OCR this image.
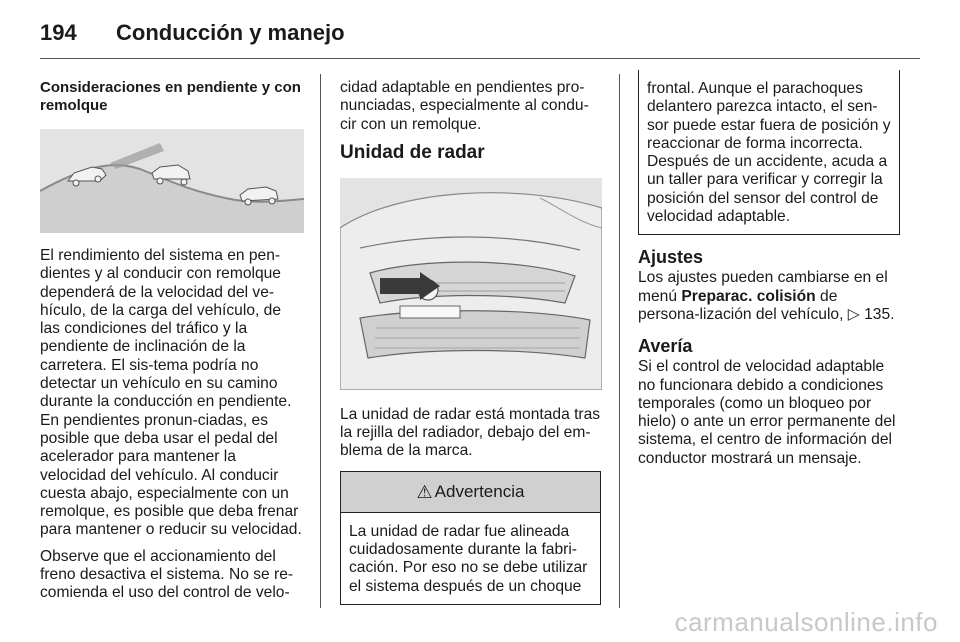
194 Conducción y manejo
Consideraciones en pendiente y con remolque

El rendimiento del sistema en pen-dientes y al conducir con remolque dependerá de la velocidad del ve-hículo, de la carga del vehículo, de las condiciones del tráfico y la pendiente de inclinación de la carretera. El sis-tema podría no detectar un vehículo en su camino durante la conducción en pendiente. En pendientes pronun-ciadas, es posible que deba usar el pedal del acelerador para mantener la velocidad del vehículo. Al conducir cuesta abajo, especialmente con un remolque, es posible que deba frenar para mantener o reducir su velocidad.

Observe que el accionamiento del freno desactiva el sistema. No se re-comienda el uso del control de velo-

cidad adaptable en pendientes pro-nunciadas, especialmente al condu-cir con un remolque.

Unidad de radar

La unidad de radar está montada tras la rejilla del radiador, debajo del em-blema de la marca.

⚠ Advertencia
La unidad de radar fue alineada cuidadosamente durante la fabri-cación. Por eso no se debe utilizar el sistema después de un choque
frontal. Aunque el parachoques delantero parezca intacto, el sen-sor puede estar fuera de posición y reaccionar de forma incorrecta. Después de un accidente, acuda a un taller para verificar y corregir la posición del sensor del control de velocidad adaptable.
Ajustes

Los ajustes pueden cambiarse en el menú Preparac. colisión de persona-lización del vehículo, ▷ 135.

Avería

Si el control de velocidad adaptable no funcionara debido a condiciones temporales (como un bloqueo por hielo) o ante un error permanente del sistema, el centro de información del conductor mostrará un mensaje.

carmanualsonline.info
